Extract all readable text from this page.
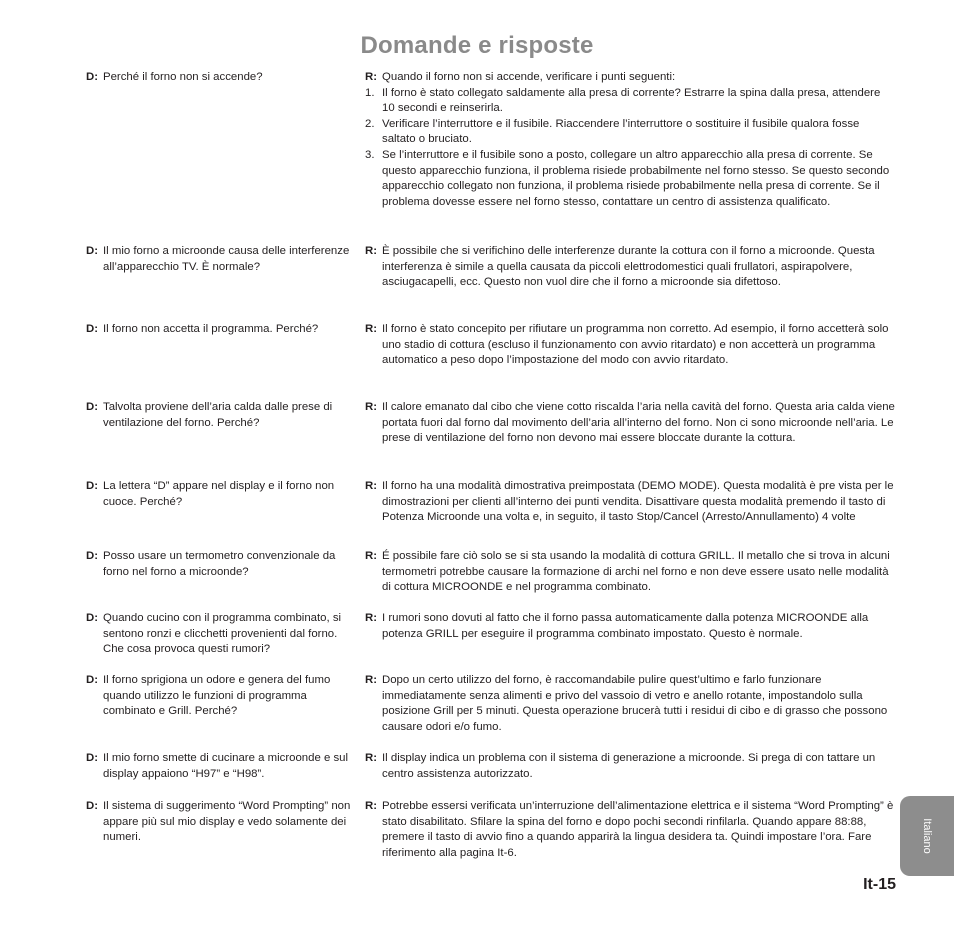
Domande e risposte
D: Perché il forno non si accende?	R: Quando il forno non si accende, verificare i punti seguenti:
1. Il forno è stato collegato saldamente alla presa di corrente? Estrarre la spina dalla presa, attendere 10 secondi e reinserirla.
2. Verificare l’interruttore e il fusibile. Riaccendere l’interruttore o sostituire il fusibile qualora fosse saltato o bruciato.
3. Se l’interruttore e il fusibile sono a posto, collegare un altro apparecchio alla presa di corrente. Se questo apparecchio funziona, il problema risiede probabilmente nel forno stesso. Se questo secondo apparecchio collegato non funziona, il problema risiede probabilmente nella presa di corrente. Se il problema dovesse essere nel forno stesso, contattare un centro di assistenza qualificato.
D: Il mio forno a microonde causa delle interferenze all’apparecchio TV. È normale?
R: È possibile che si verifichino delle interferenze durante la cottura con il forno a microonde. Questa interferenza è simile a quella causata da piccoli elettrodomestici quali frullatori, aspirapolvere, asciugacapelli, ecc. Questo non vuol dire che il forno a microonde sia difettoso.
D: Il forno non accetta il programma. Perché?	R: Il forno è stato concepito per rifiutare un programma non corretto. Ad esempio, il forno accetterà solo uno stadio di cottura (escluso il funzionamento con avvio ritardato) e non accetterà un programma automatico a peso dopo l’impostazione del modo con avvio ritardato.
D: Talvolta proviene dell’aria calda dalle prese di ventilazione del forno. Perché?
R: Il calore emanato dal cibo che viene cotto riscalda l’aria nella cavità del forno. Questa aria calda viene portata fuori dal forno dal movimento dell’aria all’interno del forno. Non ci sono microonde nell’aria. Le prese di ventilazione del forno non devono mai essere bloccate durante la cottura.
D: La lettera “D” appare nel display e il forno non cuoce. Perché?
R: Il forno ha una modalità dimostrativa preimpostata (DEMO MODE). Questa modalità è pre vista per le dimostrazioni per clienti all’interno dei punti vendita. Disattivare questa modalità premendo il tasto di Potenza Microonde una volta e, in seguito, il tasto Stop/Cancel (Arresto/Annullamento) 4 volte
D: Posso usare un termometro convenzionale da forno nel forno a microonde?
R: É possibile fare ciò solo se si sta usando la modalità di cottura GRILL. Il metallo che si trova in alcuni termometri potrebbe causare la formazione di archi nel forno e non deve essere usato nelle modalità di cottura MICROONDE e nel programma combinato.
D: Quando cucino con il programma combinato, si sentono ronzi e clicchetti provenienti dal forno. Che cosa provoca questi rumori?
R: I rumori sono dovuti al fatto che il forno passa automaticamente dalla potenza MICROONDE alla potenza GRILL per eseguire il programma combinato impostato. Questo è normale.
D: Il forno sprigiona un odore e genera del fumo quando utilizzo le funzioni di programma combinato e Grill. Perché?
R: Dopo un certo utilizzo del forno, è raccomandabile pulire quest’ultimo e farlo funzionare immediatamente senza alimenti e privo del vassoio di vetro e anello rotante, impostandolo sulla posizione Grill per 5 minuti. Questa operazione brucerà tutti i residui di cibo e di grasso che possono causare odori e/o fumo.
D: Il mio forno smette di cucinare a microonde e sul display appaiono “H97” e “H98”.
R: Il display indica un problema con il sistema di generazione a microonde. Si prega di con tattare un centro assistenza autorizzato.
D: Il sistema di suggerimento “Word Prompting” non appare più sul mio display e vedo solamente dei numeri.
R: Potrebbe essersi verificata un’interruzione dell’alimentazione elettrica e il sistema “Word Prompting” è stato disabilitato. Sfilare la spina del forno e dopo pochi secondi rinfilarla. Quando appare 88:88, premere il tasto di avvio fino a quando apparirà la lingua desidera ta. Quindi impostare l’ora. Fare riferimento alla pagina It-6.	Italiano
It-15
